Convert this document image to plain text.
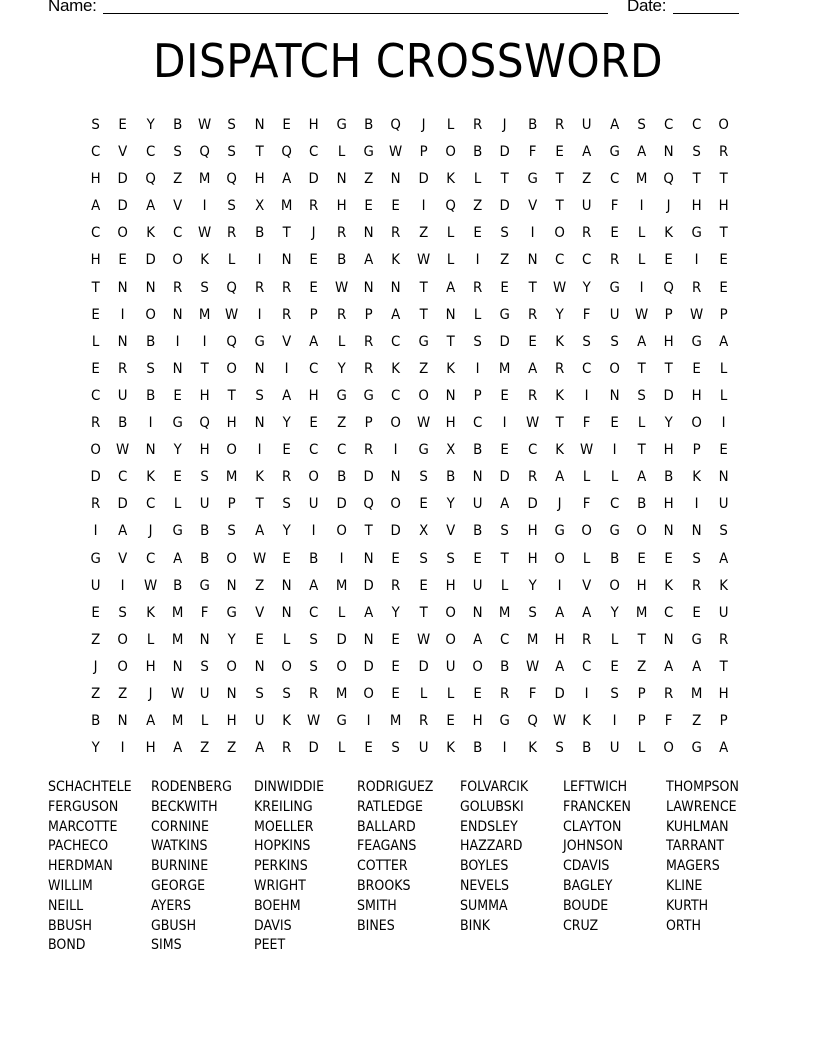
Name:	Date:
DISPATCH CROSSWORD
S	E	Y	B	W	S	N	E	H	G	B	Q	J	L	R	J	B	R	U	A	S	C	C	O
C	V	C	S	Q	S	T	Q	C	L	G	W	P	O	B	D	F	E	A	G	A	N	S	R
H	D	Q	Z	M	Q	H	A	D	N	Z	N	D	K	L	T	G	T	Z	C	M	Q	T	T
A	D	A	V	I	S	X	M	R	H	E	E	I	Q	Z	D	V	T	U	F	I	J	H	H
C	O	K	C	W	R	B	T	J	R	N	R	Z	L	E	S	I	O	R	E	L	K	G	T
H	E	D	O	K	L	I	N	E	B	A	K	W	L	I	Z	N	C	C	R	L	E	I	E
T	N	N	R	S	Q	R	R	E	W	N	N	T	A	R	E	T	W	Y	G	I	Q	R	E
E	I	O	N	M	W	I	R	P	R	P	A	T	N	L	G	R	Y	F	U	W	P	W	P
L	N	B	I	I	Q	G	V	A	L	R	C	G	T	S	D	E	K	S	S	A	H	G	A
E	R	S	N	T	O	N	I	C	Y	R	K	Z	K	I	M	A	R	C	O	T	T	E	L
C	U	B	E	H	T	S	A	H	G	G	C	O	N	P	E	R	K	I	N	S	D	H	L
R	B	I	G	Q	H	N	Y	E	Z	P	O	W	H	C	I	W	T	F	E	L	Y	O	I
O	W	N	Y	H	O	I	E	C	C	R	I	G	X	B	E	C	K	W	I	T	H	P	E
D	C	K	E	S	M	K	R	O	B	D	N	S	B	N	D	R	A	L	L	A	B	K	N
R	D	C	L	U	P	T	S	U	D	Q	O	E	Y	U	A	D	J	F	C	B	H	I	U
I	A	J	G	B	S	A	Y	I	O	T	D	X	V	B	S	H	G	O	G	O	N	N	S
G	V	C	A	B	O	W	E	B	I	N	E	S	S	E	T	H	O	L	B	E	E	S	A
U	I	W	B	G	N	Z	N	A	M	D	R	E	H	U	L	Y	I	V	O	H	K	R	K
E	S	K	M	F	G	V	N	C	L	A	Y	T	O	N	M	S	A	A	Y	M	C	E	U
Z	O	L	M	N	Y	E	L	S	D	N	E	W	O	A	C	M	H	R	L	T	N	G	R
J	O	H	N	S	O	N	O	S	O	D	E	D	U	O	B	W	A	C	E	Z	A	A	T
Z	Z	J	W	U	N	S	S	R	M	O	E	L	L	E	R	F	D	I	S	P	R	M	H
B	N	A	M	L	H	U	K	W	G	I	M	R	E	H	G	Q	W	K	I	P	F	Z	P
Y	I	H	A	Z	Z	A	R	D	L	E	S	U	K	B	I	K	S	B	U	L	O	G	A
SCHACHTELE
FERGUSON
MARCOTTE
PACHECO
HERDMAN
WILLIM
NEILL
BBUSH
BOND
RODENBERG
BECKWITH
CORNINE
WATKINS
BURNINE
GEORGE
AYERS
GBUSH
SIMS
DINWIDDIE
KREILING
MOELLER
HOPKINS
PERKINS
WRIGHT
BOEHM
DAVIS
PEET
RODRIGUEZ
RATLEDGE
BALLARD
FEAGANS
COTTER
BROOKS
SMITH
BINES
FOLVARCIK
GOLUBSKI
ENDSLEY
HAZZARD
BOYLES
NEVELS
SUMMA
BINK
LEFTWICH
FRANCKEN
CLAYTON
JOHNSON
CDAVIS
BAGLEY
BOUDE
CRUZ
THOMPSON
LAWRENCE
KUHLMAN
TARRANT
MAGERS
KLINE
KURTH
ORTH
